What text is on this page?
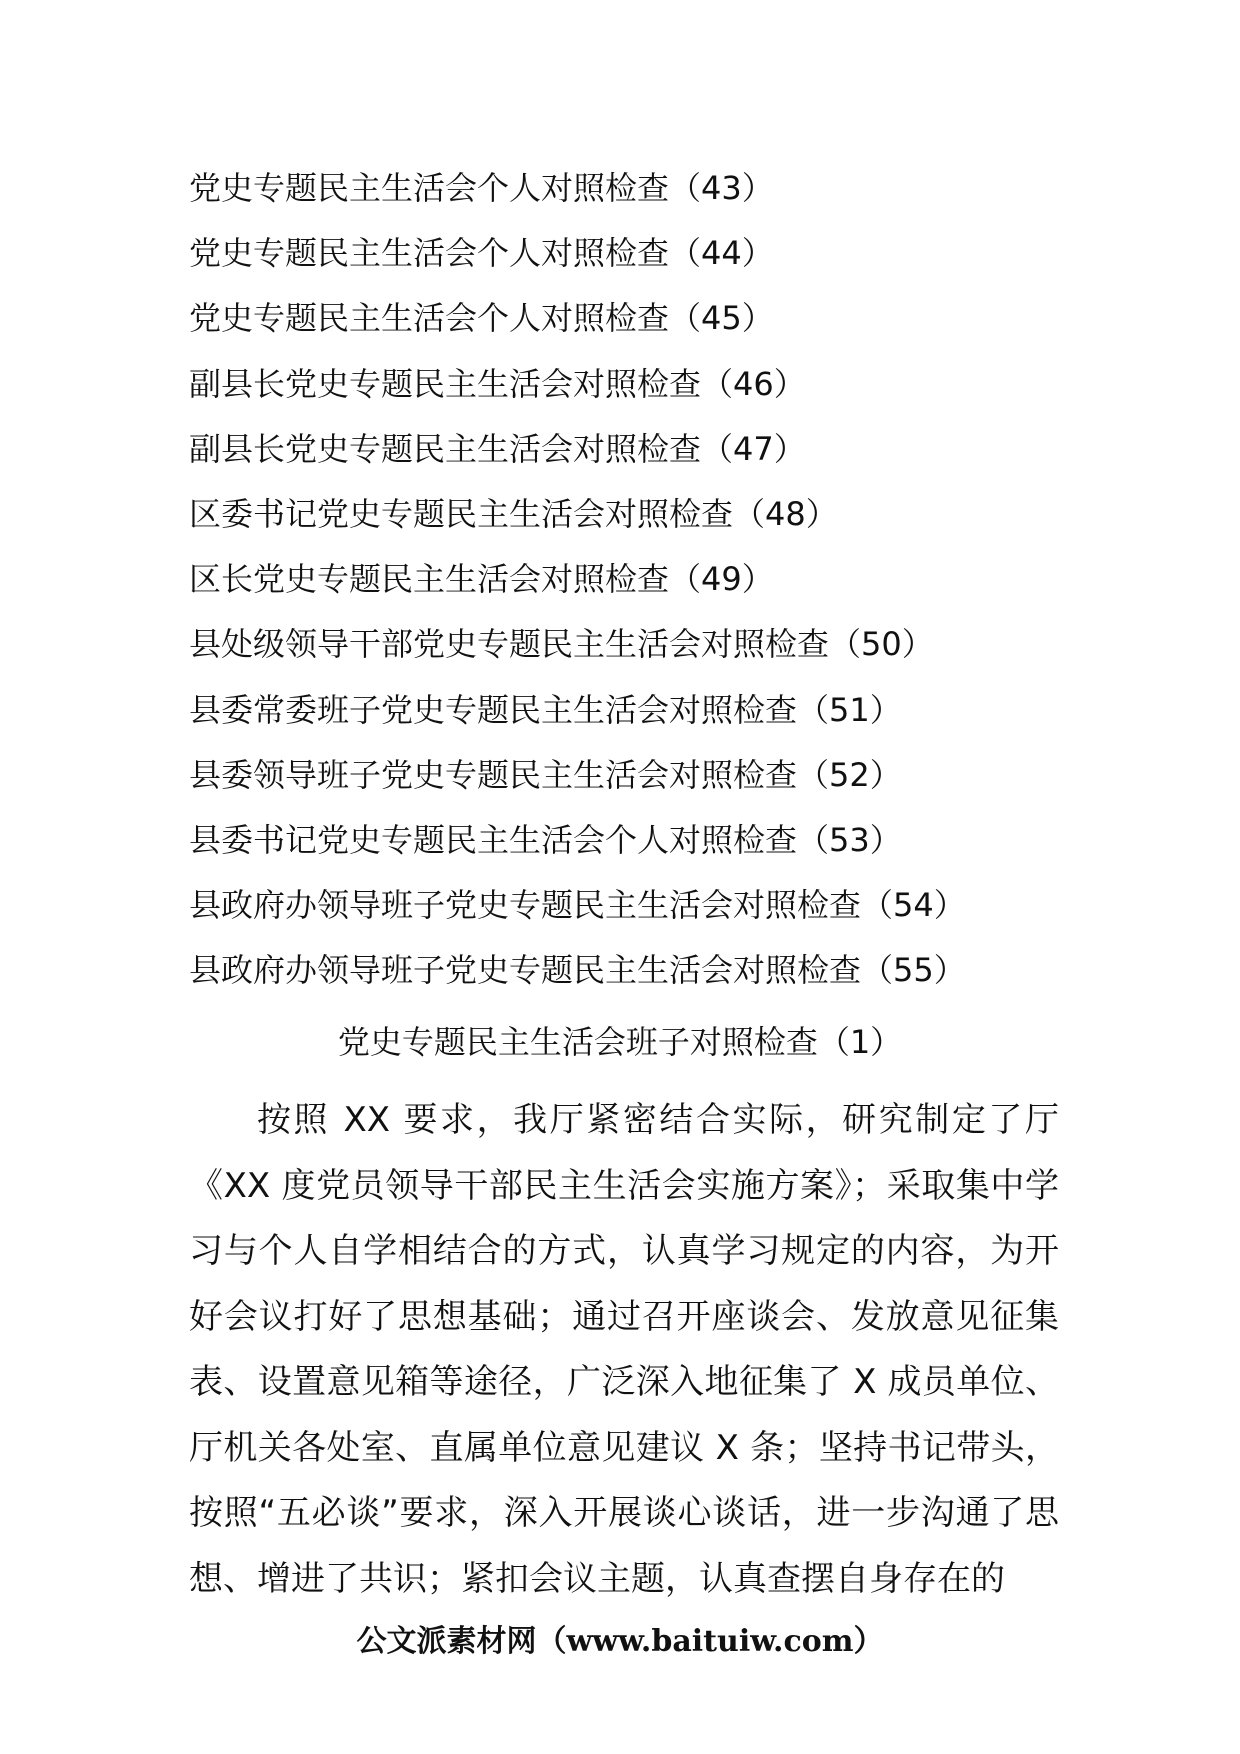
党史专题民主生活会个人对照检查（43）
党史专题民主生活会个人对照检查（44）
党史专题民主生活会个人对照检查（45）
副县长党史专题民主生活会对照检查（46）
副县长党史专题民主生活会对照检查（47）
区委书记党史专题民主生活会对照检查（48）
区长党史专题民主生活会对照检查（49）
县处级领导干部党史专题民主生活会对照检查（50）
县委常委班子党史专题民主生活会对照检查（51）
县委领导班子党史专题民主生活会对照检查（52）
县委书记党史专题民主生活会个人对照检查（53）
县政府办领导班子党史专题民主生活会对照检查（54）
县政府办领导班子党史专题民主生活会对照检查（55）
党史专题民主生活会班子对照检查（1）

按照 XX 要求，我厅紧密结合实际，研究制定了厅《XX 度党员领导干部民主生活会实施方案》；采取集中学习与个人自学相结合的方式，认真学习规定的内容，为开好会议打好了思想基础；通过召开座谈会、发放意见征集表、设置意见箱等途径，广泛深入地征集了 X 成员单位、厅机关各处室、直属单位意见建议 X 条；坚持书记带头，按照“五必谈”要求，深入开展谈心谈话，进一步沟通了思想、增进了共识；紧扣会议主题，认真查摆自身存在的

公文派素材网（www.baituiw.com）
